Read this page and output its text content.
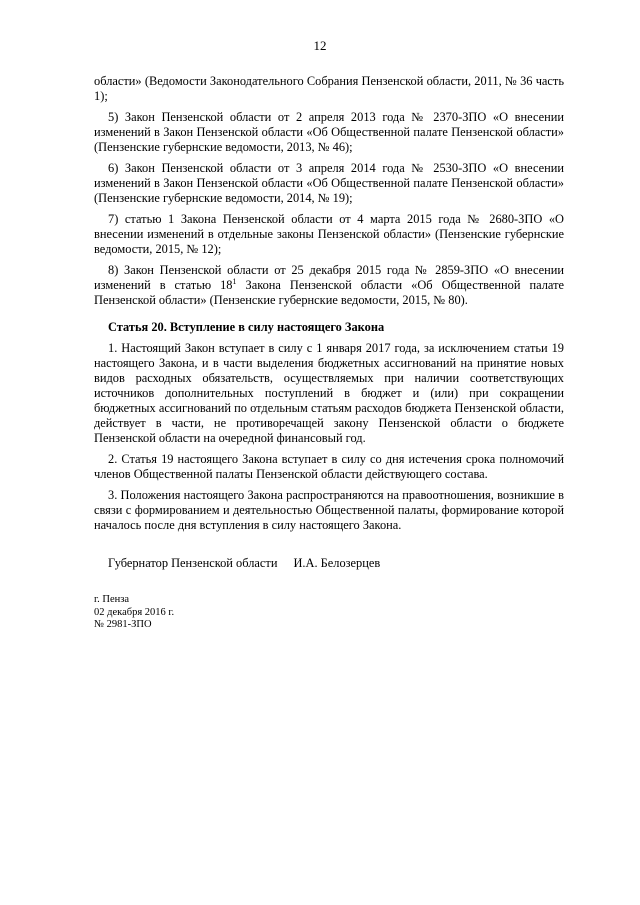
12

области» (Ведомости Законодательного Собрания Пензенской области, 2011, № 36 часть 1);

5) Закон Пензенской области от 2 апреля 2013 года № 2370-ЗПО «О внесении изменений в Закон Пензенской области «Об Общественной палате Пензенской области» (Пензенские губернские ведомости, 2013, № 46);

6) Закон Пензенской области от 3 апреля 2014 года № 2530-ЗПО «О внесении изменений в Закон Пензенской области «Об Общественной палате Пензенской области» (Пензенские губернские ведомости, 2014, № 19);

7) статью 1 Закона Пензенской области от 4 марта 2015 года № 2680-ЗПО «О внесении изменений в отдельные законы Пензенской области» (Пензенские губернские ведомости, 2015, № 12);

8) Закон Пензенской области от 25 декабря 2015 года № 2859-ЗПО «О внесении изменений в статью $18^1$ Закона Пензенской области «Об Общественной палате Пензенской области» (Пензенские губернские ведомости, 2015, № 80).

Статья 20. Вступление в силу настоящего Закона

1. Настоящий Закон вступает в силу с 1 января 2017 года, за исключением статьи 19 настоящего Закона, и в части выделения бюджетных ассигнований на принятие новых видов расходных обязательств, осуществляемых при наличии соответствующих источников дополнительных поступлений в бюджет и (или) при сокращении бюджетных ассигнований по отдельным статьям расходов бюджета Пензенской области, действует в части, не противоречащей закону Пензенской области о бюджете Пензенской области на очередной финансовый год.

2. Статья 19 настоящего Закона вступает в силу со дня истечения срока полномочий членов Общественной палаты Пензенской области действующего состава.

3. Положения настоящего Закона распространяются на правоотношения, возникшие в связи с формированием и деятельностью Общественной палаты, формирование которой началось после дня вступления в силу настоящего Закона.

Губернатор Пензенской области И.А. Белозерцев
г. Пенза
02 декабря 2016 г.
№ 2981-ЗПО
